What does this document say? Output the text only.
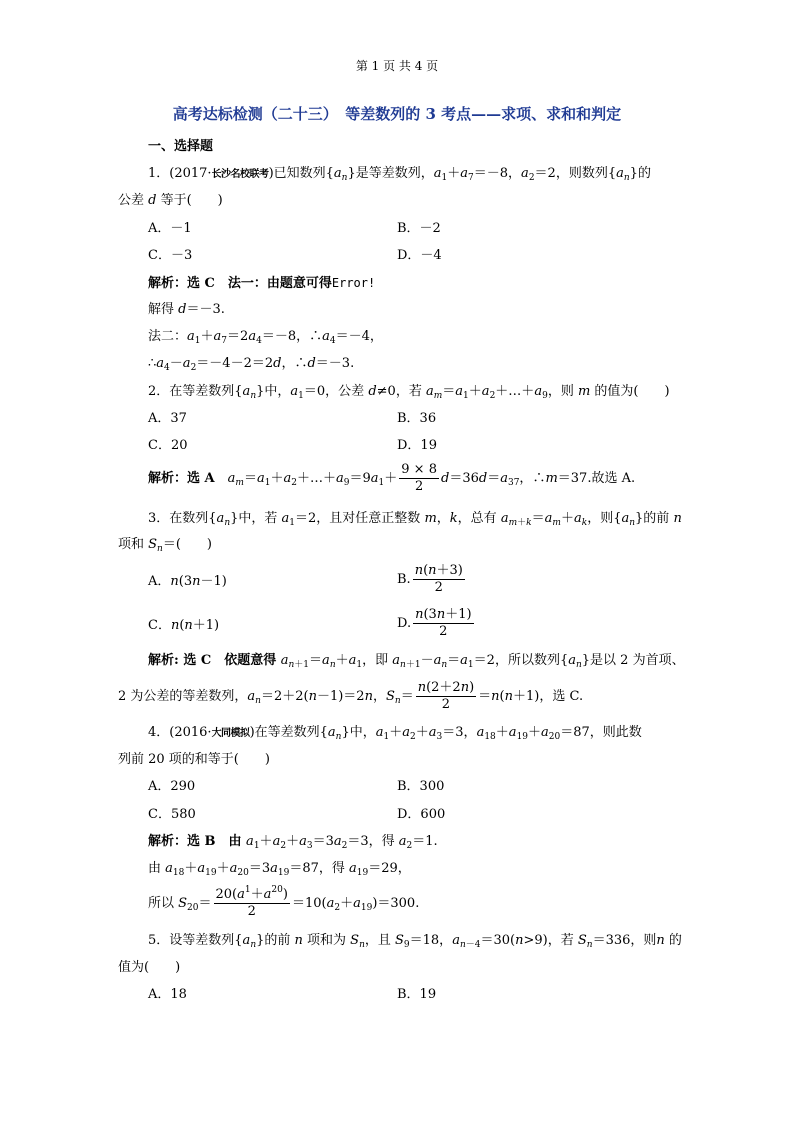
第 1 页 共 4 页
高考达标检测（二十三）　等差数列的 3 考点——求项、求和和判定
一、选择题
1．(2017·长沙名校联考)已知数列$\{a_n\}$是等差数列，$a_1+a_7=-8$，$a_2=2$，则数列$\{a_n\}$的
公差 d 等于(　　)
A．－1	B．－2
C．－3	D．－4
解析：选 C　法一：由题意可得Error!
解得 d＝－3.
法二：$a_1+a_7=2a_4=-8$，$\therefore a_4=-4$，
$\therefore a_4-a_2=-4-2=2d$，∴d＝－3.
2．在等差数列$\{a_n\}$中，$a_1=0$，公差 d≠0，若 $a_m=a_1+a_2+\dots+a_9$，则 m 的值为(　　)
A．37	B．36
C．20	D．19
解析：选 A　$a_m=a_1+a_2+\dots+a_9=9a_1+ \frac{9 \times 8}{2} d=36d=a_{37}$，∴m＝37.故选 A.
3．在数列$\{a_n\}$中，若 $a_1=2$，且对任意正整数 m，k，总有 $a_{m+k}=a_m+a_k$，则$\{a_n\}$的前 n
项和 $S_n=$(　　)
A．n(3n－1)	B. $\frac{n(n+3)}{2}$
C．n(n＋1)	D. $\frac{n(3n+1)}{2}$
解析: 选 C　依题意得 $a_{n+1}=a_n+a_1$，即 $a_{n+1}-a_n=a_1=2$，所以数列$\{a_n\}$是以 2 为首项、
2 为公差的等差数列，$a_n=2+2(n-1)=2n$，$S_n= \frac{n(2+2n)}{2} =n(n+1)$，选 C.
4．(2016·大同模拟)在等差数列$\{a_n\}$中，$a_1+a_2+a_3=3$，$a_{18}+a_{19}+a_{20}=87$，则此数
列前 20 项的和等于(　　)
A．290	B．300
C．580	D．600
解析：选 B　由 $a_1+a_2+a_3=3a_2=3$，得 $a_2=1$.
由 $a_{18}+a_{19}+a_{20}=3a_{19}=87$，得 $a_{19}=29$，
所以 $S_{20}= \frac{20(a^1+a^{20})}{2} =10(a_2+a_{19})=300$.
5．设等差数列$\{a_n\}$的前 n 项和为 $S_n$，且 $S_9=18$，$a_{n-4}=30(n>9)$，若 $S_n=336$，则n 的
值为(　　)
A．18	B．19
